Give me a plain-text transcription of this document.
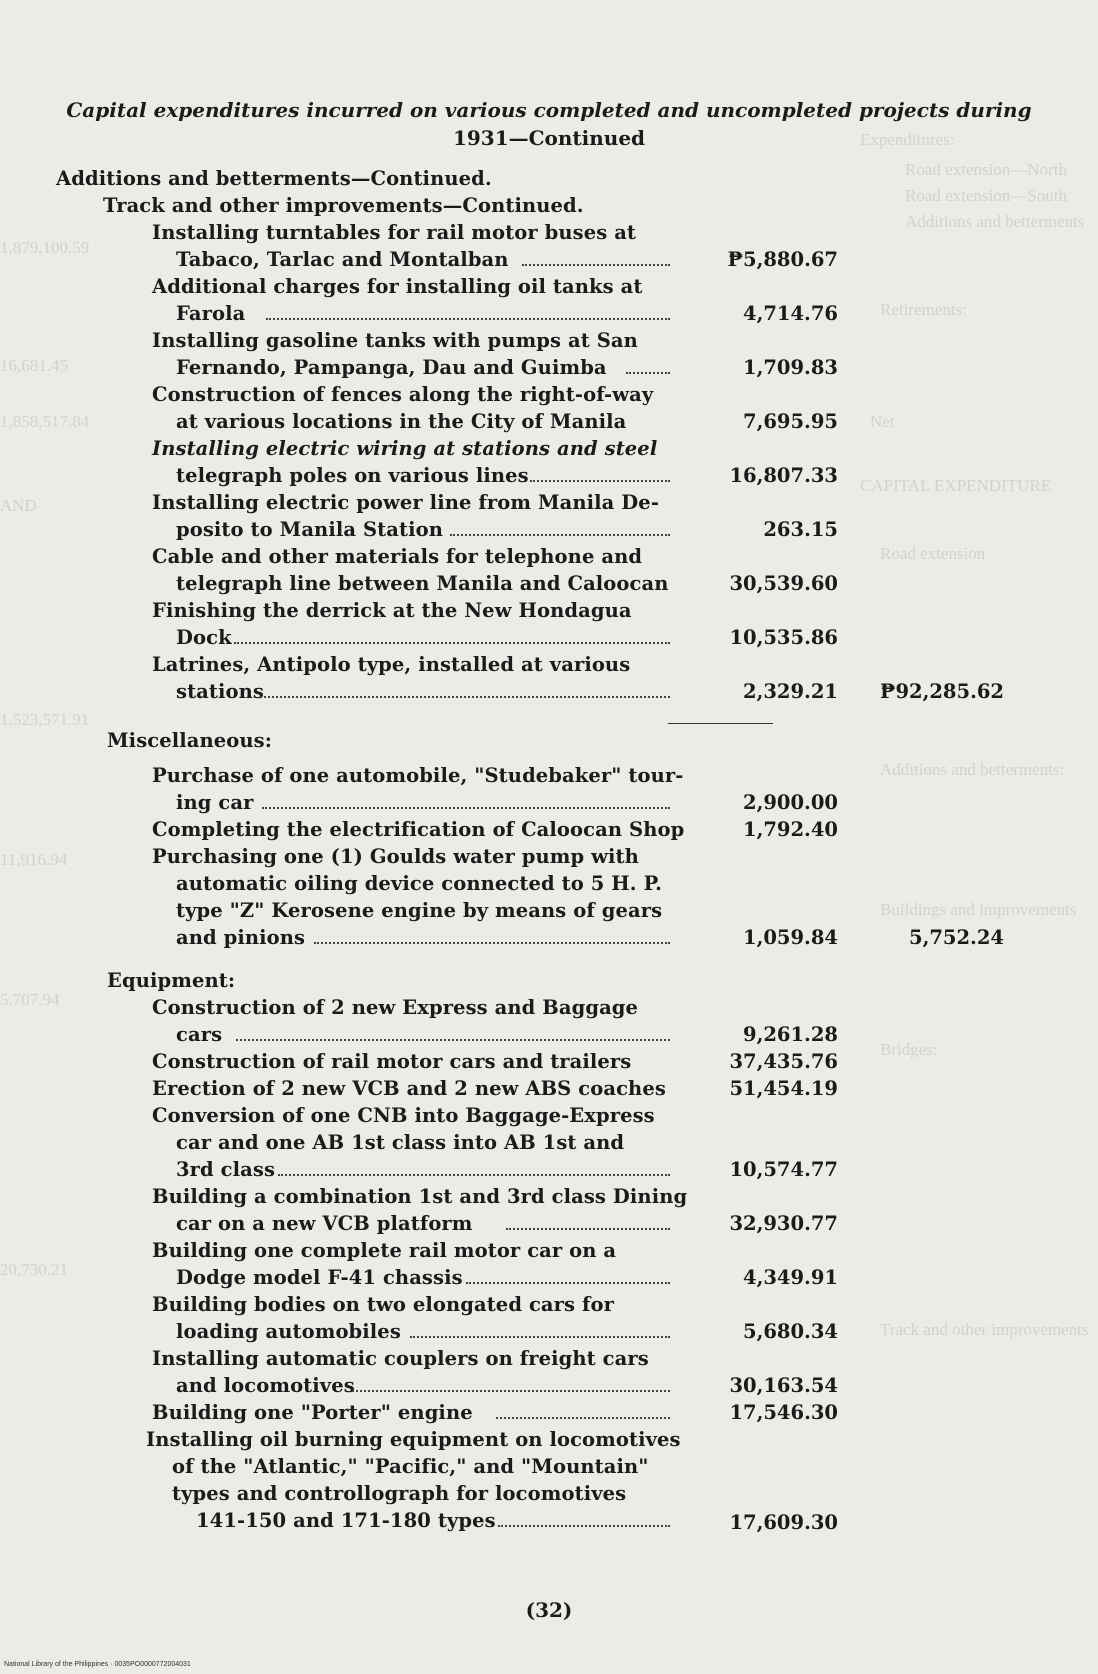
Expenditures:
Road extension—North
Road extension—South
Additions and betterments
1,879,100.59
Retirements:
16,681.45
1,858,517.84	Net
CAPITAL EXPENDITURE
AND
Road extension
1,523,571.91
Additions and betterments:
11,916.94
Buildings and improvements
5,707.94
Bridges:
20,730.21
Track and other improvements
Capital expenditures incurred on various completed and uncompleted projects during
1931—Continued
Additions and betterments—Continued.
Track and other improvements—Continued.
Installing turntables for rail motor buses at
Tabaco, Tarlac and Montalban	₱5,880.67
Additional charges for installing oil tanks at
Farola	4,714.76
Installing gasoline tanks with pumps at San
Fernando, Pampanga, Dau and Guimba	1,709.83
Construction of fences along the right-of-way
at various locations in the City of Manila	7,695.95
Installing electric wiring at stations and steel
telegraph poles on various lines	16,807.33
Installing electric power line from Manila De-
posito to Manila Station	263.15
Cable and other materials for telephone and
telegraph line between Manila and Caloocan	30,539.60
Finishing the derrick at the New Hondagua
Dock	10,535.86
Latrines, Antipolo type, installed at various
stations	2,329.21 ₱92,285.62
Miscellaneous:
Purchase of one automobile, "Studebaker" tour-
ing car	2,900.00
Completing the electrification of Caloocan Shop	1,792.40
Purchasing one (1) Goulds water pump with
automatic oiling device connected to 5 H. P.
type "Z" Kerosene engine by means of gears
and pinions	1,059.84	5,752.24
Equipment:
Construction of 2 new Express and Baggage
cars	9,261.28
Construction of rail motor cars and trailers	37,435.76
Erection of 2 new VCB and 2 new ABS coaches	51,454.19
Conversion of one CNB into Baggage-Express
car and one AB 1st class into AB 1st and
3rd class	10,574.77
Building a combination 1st and 3rd class Dining
car on a new VCB platform	32,930.77
Building one complete rail motor car on a
Dodge model F-41 chassis	4,349.91
Building bodies on two elongated cars for
loading automobiles	5,680.34
Installing automatic couplers on freight cars
and locomotives	30,163.54
Building one "Porter" engine	17,546.30
Installing oil burning equipment on locomotives
of the "Atlantic," "Pacific," and "Mountain"
types and controllograph for locomotives
141-150 and 171-180 types	17,609.30
(32)
National Library of the Philippines · 0035PO0000772004031
